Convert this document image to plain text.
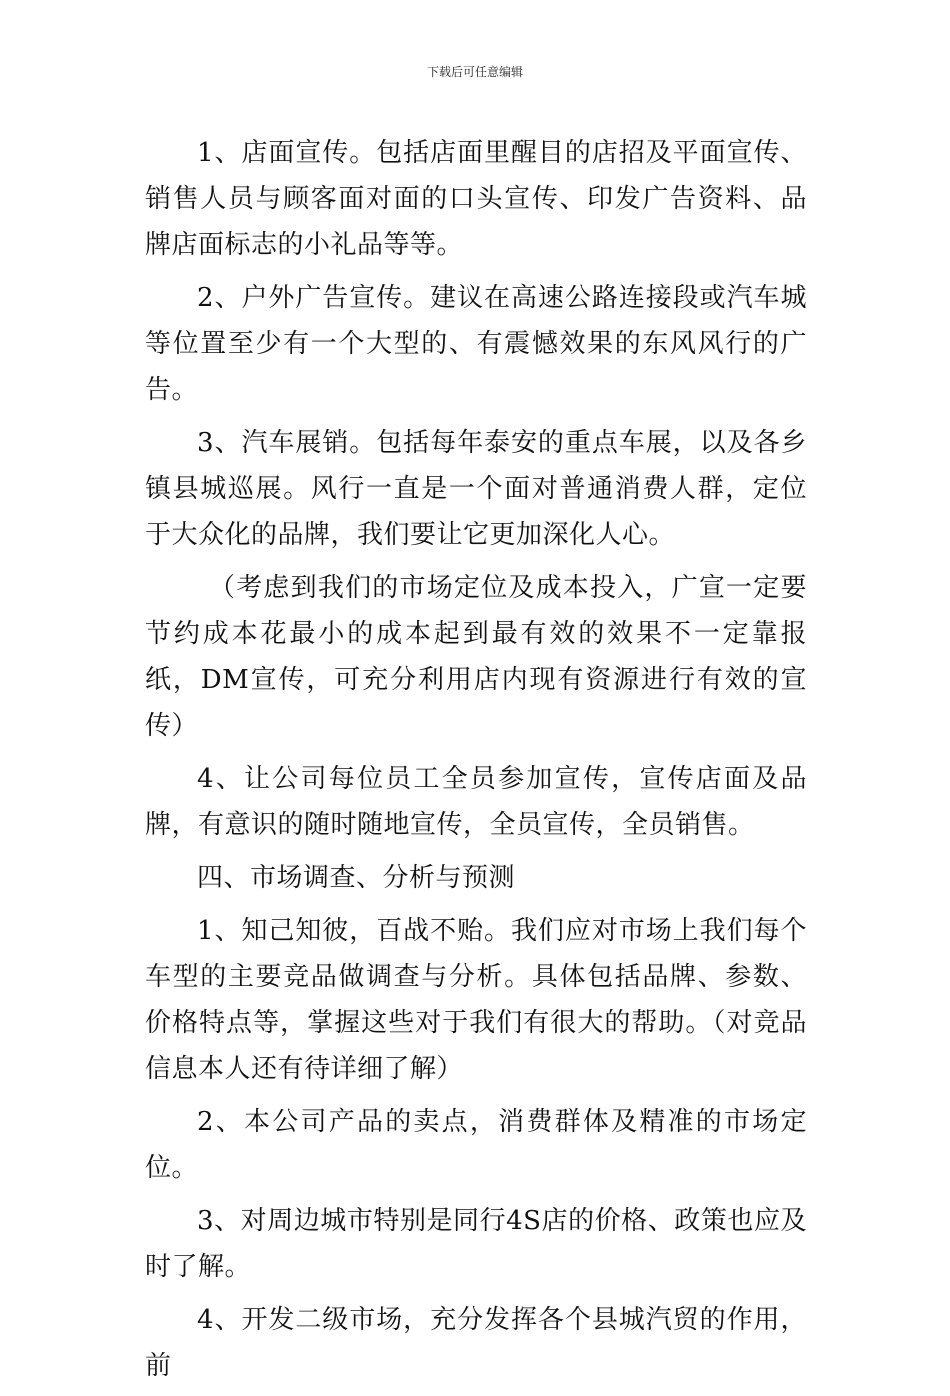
下载后可任意编辑

1、店面宣传。包括店面里醒目的店招及平面宣传、销售人员与顾客面对面的口头宣传、印发广告资料、品牌店面标志的小礼品等等。

2、户外广告宣传。建议在高速公路连接段或汽车城等位置至少有一个大型的、有震憾效果的东风风行的广告。

3、汽车展销。包括每年泰安的重点车展，以及各乡镇县城巡展。风行一直是一个面对普通消费人群，定位于大众化的品牌，我们要让它更加深化人心。

（考虑到我们的市场定位及成本投入，广宣一定要节约成本花最小的成本起到最有效的效果不一定靠报纸，DM宣传，可充分利用店内现有资源进行有效的宣传）

4、让公司每位员工全员参加宣传，宣传店面及品牌，有意识的随时随地宣传，全员宣传，全员销售。

四、市场调查、分析与预测

1、知己知彼，百战不贻。我们应对市场上我们每个车型的主要竞品做调查与分析。具体包括品牌、参数、价格特点等，掌握这些对于我们有很大的帮助。（对竞品信息本人还有待详细了解）

2、本公司产品的卖点，消费群体及精准的市场定位。

3、对周边城市特别是同行4S店的价格、政策也应及时了解。

4、开发二级市场，充分发挥各个县城汽贸的作用，前
